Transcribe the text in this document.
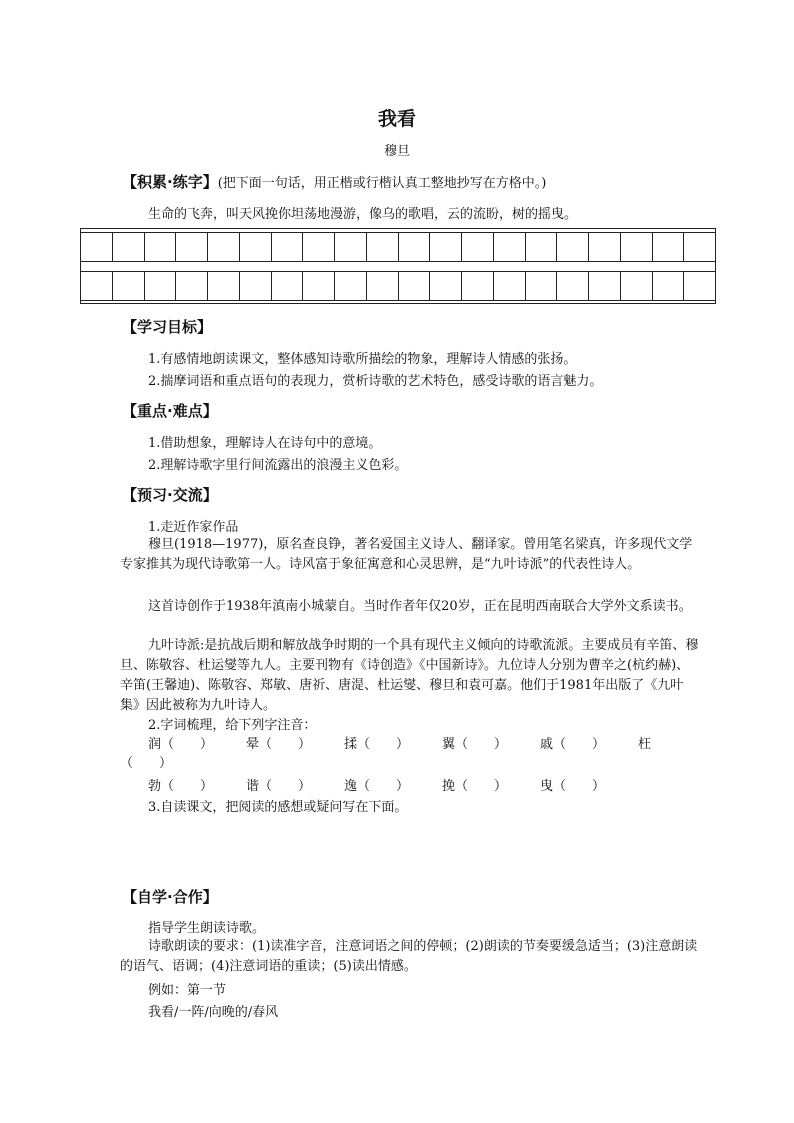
我看
穆旦
【积累·练字】(把下面一句话，用正楷或行楷认真工整地抄写在方格中。)
生命的飞奔，叫天风挽你坦荡地漫游，像乌的歌唱，云的流盼，树的摇曳。
【学习目标】
1.有感情地朗读课文，整体感知诗歌所描绘的物象，理解诗人情感的张扬。
2.揣摩词语和重点语句的表现力，赏析诗歌的艺术特色，感受诗歌的语言魅力。
【重点·难点】
1.借助想象，理解诗人在诗句中的意境。
2.理解诗歌字里行间流露出的浪漫主义色彩。
【预习·交流】
1.走近作家作品
穆旦(1918—1977)，原名查良铮，著名爱国主义诗人、翻译家。曾用笔名梁真，许多现代文学专家推其为现代诗歌第一人。诗风富于象征寓意和心灵思辨，是“九叶诗派”的代表性诗人。
这首诗创作于1938年滇南小城蒙自。当时作者年仅20岁，正在昆明西南联合大学外文系读书。
九叶诗派:是抗战后期和解放战争时期的一个具有现代主义倾向的诗歌流派。主要成员有辛笛、穆旦、陈敬容、杜运燮等九人。主要刊物有《诗创造》《中国新诗》。九位诗人分别为曹辛之(杭约赫)、辛笛(王馨迪)、陈敬容、郑敏、唐祈、唐湜、杜运燮、穆旦和袁可嘉。他们于1981年出版了《九叶集》因此被称为九叶诗人。
2.字词梳理，给下列字注音：
润（　　）	晕（　　）	揉（　　）	翼（　　）	戚（　　）	枉
（　　）
勃（　　）	谐（　　）	逸（　　）	挽（　　）	曳（　　）
3.自读课文，把阅读的感想或疑问写在下面。
【自学·合作】
指导学生朗读诗歌。
诗歌朗读的要求：(1)读准字音，注意词语之间的停顿；(2)朗读的节奏要缓急适当；(3)注意朗读的语气、语调；(4)注意词语的重读；(5)读出情感。
例如：第一节
我看/一阵/向晚的/春风
